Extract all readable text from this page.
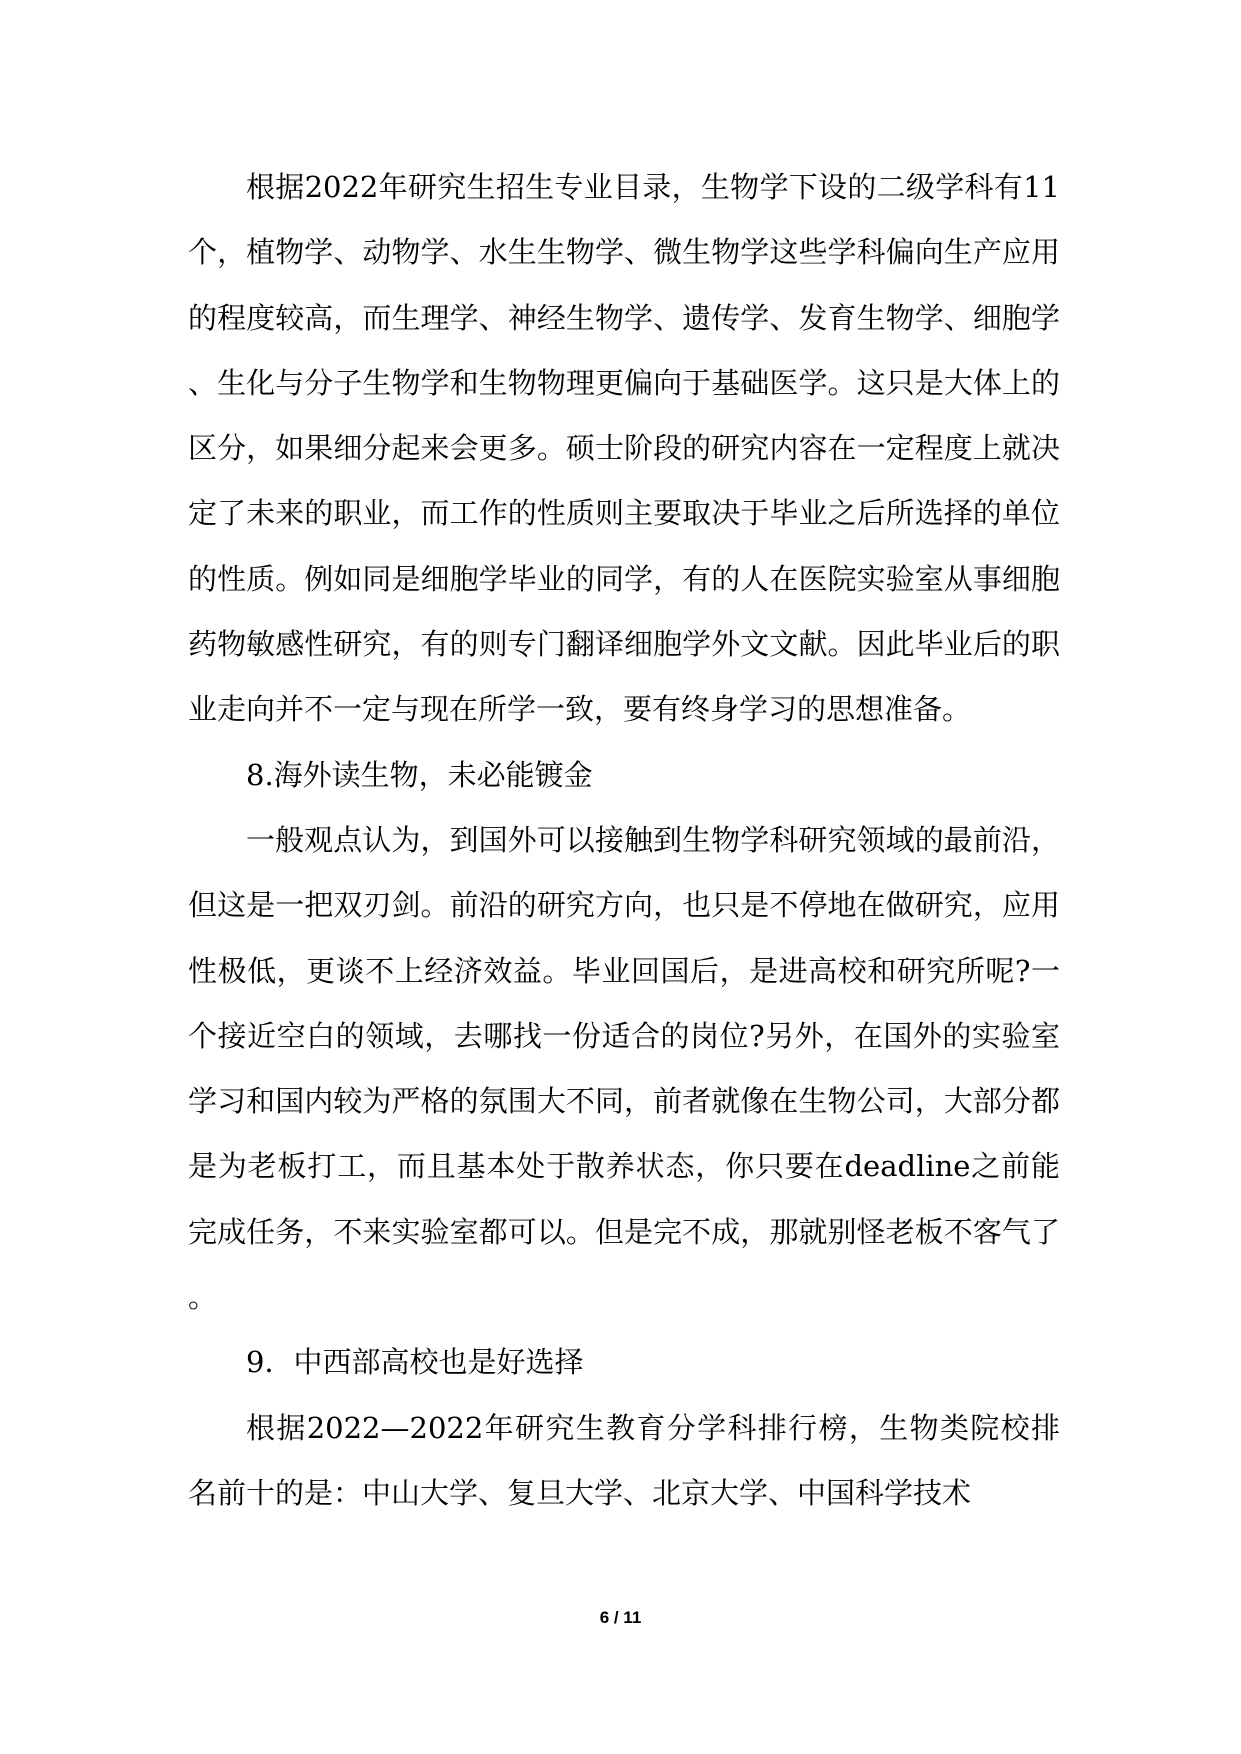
根据2022年研究生招生专业目录，生物学下设的二级学科有11个，植物学、动物学、水生生物学、微生物学这些学科偏向生产应用的程度较高，而生理学、神经生物学、遗传学、发育生物学、细胞学、生化与分子生物学和生物物理更偏向于基础医学。这只是大体上的区分，如果细分起来会更多。硕士阶段的研究内容在一定程度上就决定了未来的职业，而工作的性质则主要取决于毕业之后所选择的单位的性质。例如同是细胞学毕业的同学，有的人在医院实验室从事细胞药物敏感性研究，有的则专门翻译细胞学外文文献。因此毕业后的职业走向并不一定与现在所学一致，要有终身学习的思想准备。

8.海外读生物，未必能镀金

一般观点认为，到国外可以接触到生物学科研究领域的最前沿，但这是一把双刃剑。前沿的研究方向，也只是不停地在做研究，应用性极低，更谈不上经济效益。毕业回国后，是进高校和研究所呢?一个接近空白的领域，去哪找一份适合的岗位?另外，在国外的实验室学习和国内较为严格的氛围大不同，前者就像在生物公司，大部分都是为老板打工，而且基本处于散养状态，你只要在deadline之前能完成任务，不来实验室都可以。但是完不成，那就别怪老板不客气了。

9．中西部高校也是好选择

根据2022—2022年研究生教育分学科排行榜，生物类院校排名前十的是：中山大学、复旦大学、北京大学、中国科学技术

6 / 11
